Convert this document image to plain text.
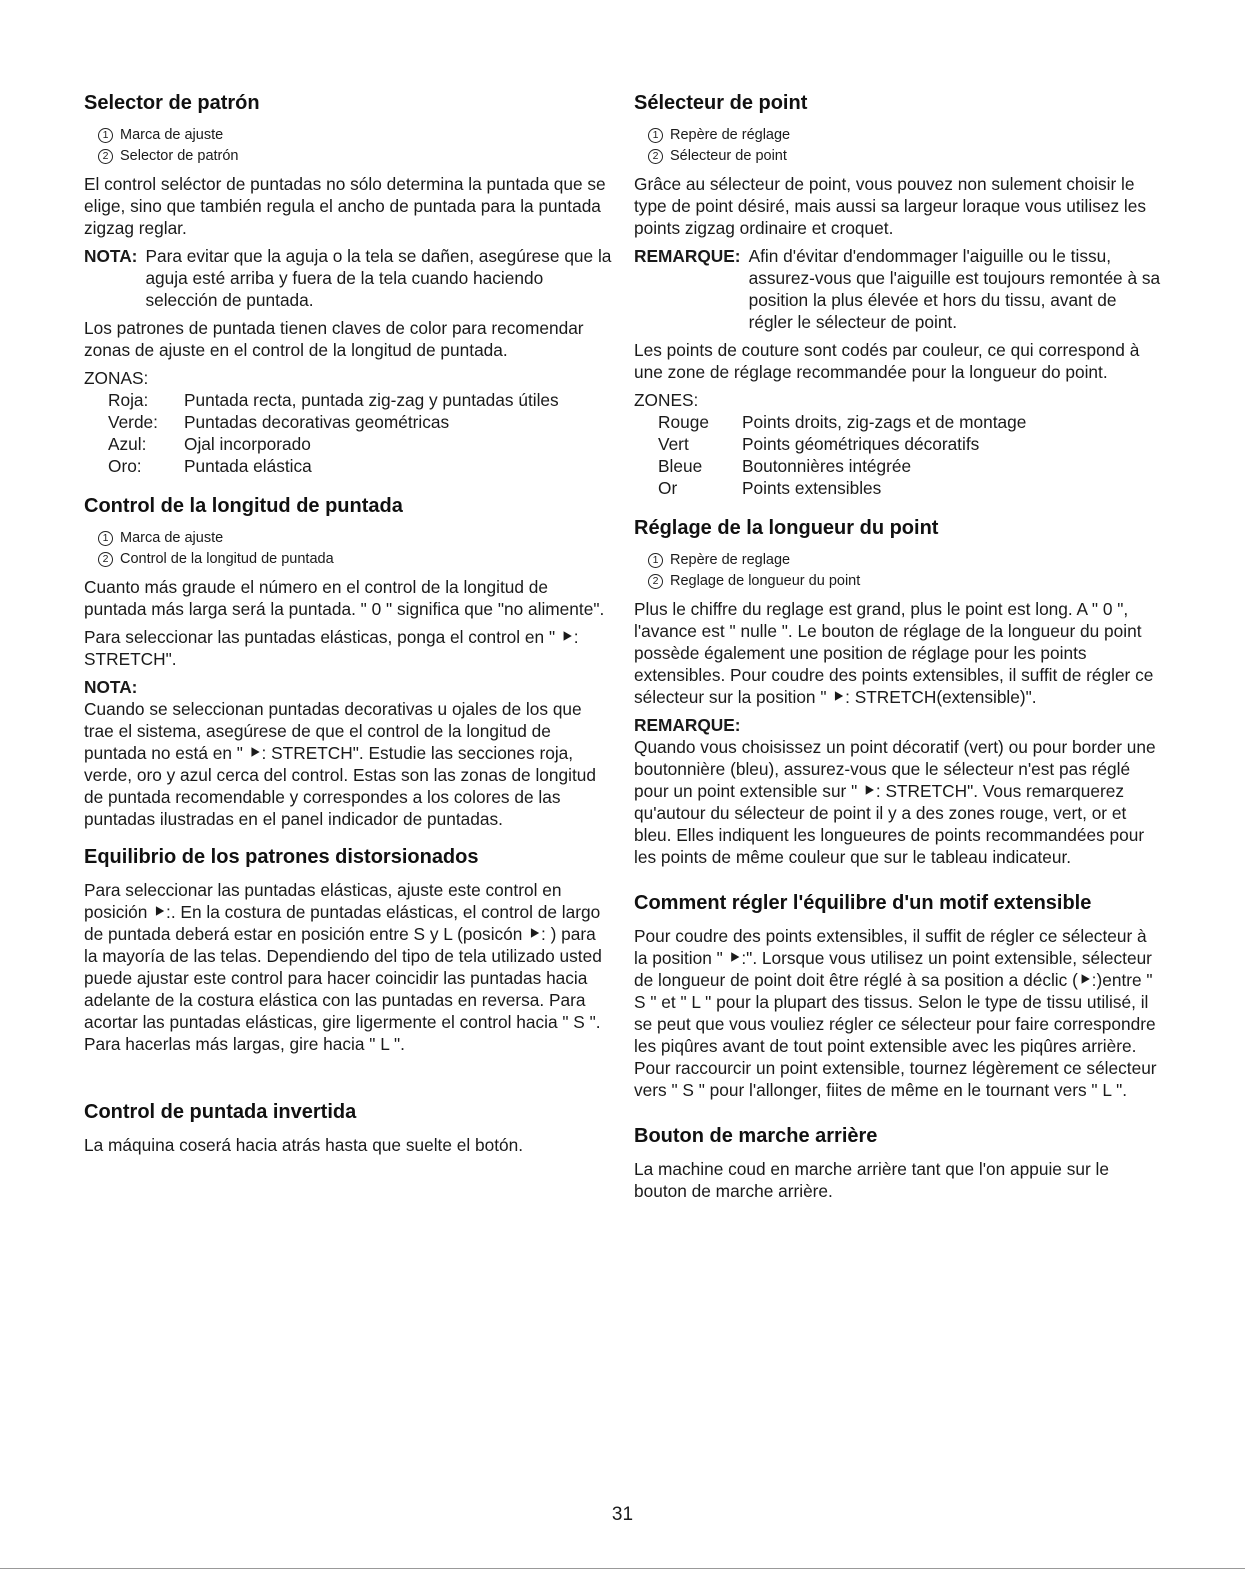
Selector de patrón
1 Marca de ajuste
2 Selector de patrón

El control seléctor de puntadas no sólo determina la puntada que se elige, sino que también regula el ancho de puntada para la puntada zigzag reglar.

NOTA: Para evitar que la aguja o la tela se dañen, asegúrese que la aguja esté arriba y fuera de la tela cuando haciendo selección de puntada.

Los patrones de puntada tienen claves de color para recomendar zonas de ajuste en el control de la longitud de puntada.

ZONAS:
Roja:	Puntada recta, puntada zig-zag y puntadas útiles
Verde:	Puntadas decorativas geométricas
Azul:	Ojal incorporado
Oro:	Puntada elástica
Control de la longitud de puntada
1 Marca de ajuste
2 Control de la longitud de puntada

Cuanto más graude el número en el control de la longitud de puntada más larga será la puntada. " 0 " significa que "no alimente".

Para seleccionar las puntadas elásticas, ponga el control en " ⯈: STRETCH".

NOTA:

Cuando se seleccionan puntadas decorativas u ojales de los que trae el sistema, asegúrese de que el control de la longitud de puntada no está en " ⯈: STRETCH". Estudie las secciones roja, verde, oro y azul cerca del control. Estas son las zonas de longitud de puntada recomendable y correspondes a los colores de las puntadas ilustradas en el panel indicador de puntadas.

Equilibrio de los patrones distorsionados

Para seleccionar las puntadas elásticas, ajuste este control en posición ⯈:. En la costura de puntadas elásticas, el control de largo de puntada deberá estar en posición entre S y L (posicón ⯈: ) para la mayoría de las telas. Dependiendo del tipo de tela utilizado usted puede ajustar este control para hacer coincidir las puntadas hacia adelante de la costura elástica con las puntadas en reversa. Para acortar las puntadas elásticas, gire ligermente el control hacia " S ". Para hacerlas más largas, gire hacia " L ".

Control de puntada invertida

La máquina coserá hacia atrás hasta que suelte el botón.

Sélecteur de point
1 Repère de réglage
2 Sélecteur de point

Grâce au sélecteur de point, vous pouvez non sulement choisir le type de point désiré, mais aussi sa largeur loraque vous utilisez les points zigzag ordinaire et croquet.

REMARQUE: Afin d'évitar d'endommager l'aiguille ou le tissu, assurez-vous que l'aiguille est toujours remontée à sa position la plus élevée et hors du tissu, avant de régler le sélecteur de point.

Les points de couture sont codés par couleur, ce qui correspond à une zone de réglage recommandée pour la longueur do point.

ZONES:
Rouge	Points droits, zig-zags et de montage
Vert	Points géométriques décoratifs
Bleue	Boutonnières intégrée
Or	Points extensibles
Réglage de la longueur du point
1 Repère de reglage
2 Reglage de longueur du point

Plus le chiffre du reglage est grand, plus le point est long. A " 0 ", l'avance est " nulle ". Le bouton de réglage de la longueur du point possède également une position de réglage pour les points extensibles. Pour coudre des points extensibles, il suffit de régler ce sélecteur sur la position " ⯈: STRETCH(extensible)".

REMARQUE:

Quando vous choisissez un point décoratif (vert) ou pour border une boutonnière (bleu), assurez-vous que le sélecteur n'est pas réglé pour un point extensible sur " ⯈: STRETCH". Vous remarquerez qu'autour du sélecteur de point il y a des zones rouge, vert, or et bleu. Elles indiquent les longueures de points recommandées pour les points de même couleur que sur le tableau indicateur.

Comment régler l'équilibre d'un motif extensible

Pour coudre des points extensibles, il suffit de régler ce sélecteur à la position " ⯈:". Lorsque vous utilisez un point extensible, sélecteur de longueur de point doit être réglé à sa position a déclic (⯈:)entre " S " et " L " pour la plupart des tissus. Selon le type de tissu utilisé, il se peut que vous vouliez régler ce sélecteur pour faire correspondre les piqûres avant de tout point extensible avec les piqûres arrière. Pour raccourcir un point extensible, tournez légèrement ce sélecteur vers " S " pour l'allonger, fiites de même en le tournant vers " L ".

Bouton de marche arrière

La machine coud en marche arrière tant que l'on appuie sur le bouton de marche arrière.

31
